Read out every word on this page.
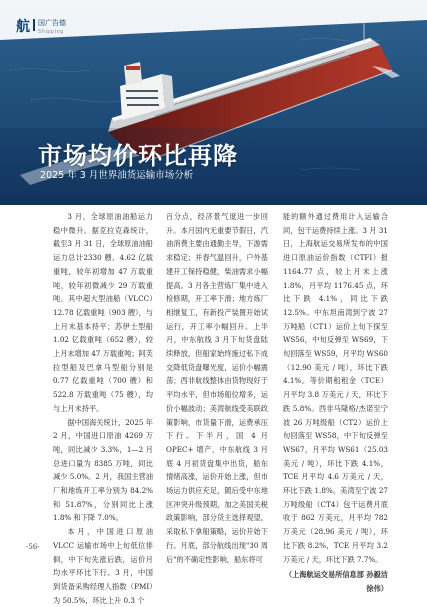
航 国广告德
Shipping
市场均价环比再降
2025 年 3 月世界油货运输市场分析

3 月，全球原油油船运力稳中微升。据克拉克森统计，截至3 月 31 日，全球原油油船运力总计2330 艘、4.62 亿载重吨，较年初增加 47 万载重吨，较年初微减少 29 万载重吨。其中超大型油船（VLCC）12.78 亿载重吨（903 艘），与上月末基本持平；苏伊士型船1.02 亿载重吨（652 艘），较上月末增加 47 万载重吨；阿芙拉型船及巴拿马型船分别是 0.77 亿载重吨（700 艘）和 522.8 万载重吨（75 艘），均与上月末持平。

据中国海关统计，2025 年 2 月，中国进口原油 4269 万吨，同比减少 3.3%，1—2 月总进口量为 8385 万吨，同比减少 5.0%。2 月，我国主营油厂和地炼开工率分别为 84.2% 和 51.87%，分别同比上涨 1.8% 和下降 7.0%。

本月，中国进口原油 VLCC 运输市场中上旬低位徘徊，中下旬先涨后跌，运价月均水平环比下行。3 月，中国到货备采购经理人指数（PMI）为 50.5%，环比上升 0.3 个

百分点，经济景气度进一步回升。本月国内无重要节假日，汽油消费主要由通勤主导，下游需求稳定；并春气温回升，户外基建开工保持稳健，柴油需求小幅提高。3 月各主营炼厂集中进入检修期，开工率下滑；地方炼厂相继复工，有新投产装置开始试运行，开工率小幅回升。上半月，中东航线 3 月下旬货盘陆续释放，但船家始终施过私下成交降低货盘曝光度，运价小幅震荡；西非航线整体由货物现好于平均水平，但市场船位增多，运价小幅波动；美湾航线受美联政策影响，市货量下滑，运费承压下行。下半月，国 4 月 OPEC+ 增产，中东航线 3 月底 4 月初货盘集中出货，船东情绪高涨，运价开始上涨，但市场运力供应充足，随后受中东地区冲突升级预期，加之美国关税政策影响，部分货主选择观望，采取私下拿船策略，运价开始下行。月底，部分航线出现"30 周后"的不确定性影响，船东将可

能的额外通过费用计入运输合同，包干运费持续上涨。3 月 31 日，上海航运交易所发布的中国进口原油运价指数（CTFI）报 1164.77 点，较上月末上涨 1.8%，月平均 1176.45 点，环比下跌 4.1%，同比下跌 12.5%。中东坦南湾到宁波 27 万吨船（CT1）运价上旬下探至 WS56，中旬反弹至 WS69，下旬回落至 WS59，月平均 WS60（12.90 美元 / 吨），环比下跌 4.1%。等价期租租金（TCE）月平均 3.8 万美元 / 天，环比下跌 5.8%。西非马隆格/杰诺至宁波 26 万吨级船（CT2）运价上旬回落至 WS58，中下旬反弹至 WS67，月平均 WS61（25.03 美元 / 吨），环比下跌 4.1%，TCE 月平均 4.6 万美元 / 天，环比下跌 1.8%。美湾至宁波 27 万吨级船（CT4）包干运费月底收于 862 万美元，月平均 782 万美元（28.96 美元 / 吨），环比下跌 8.2%，TCE 月平均 3.2 万美元 / 天，环比下跌 7.7%。

（上海航运交易所信息部 孙毅洁 徐伟）
-56-
